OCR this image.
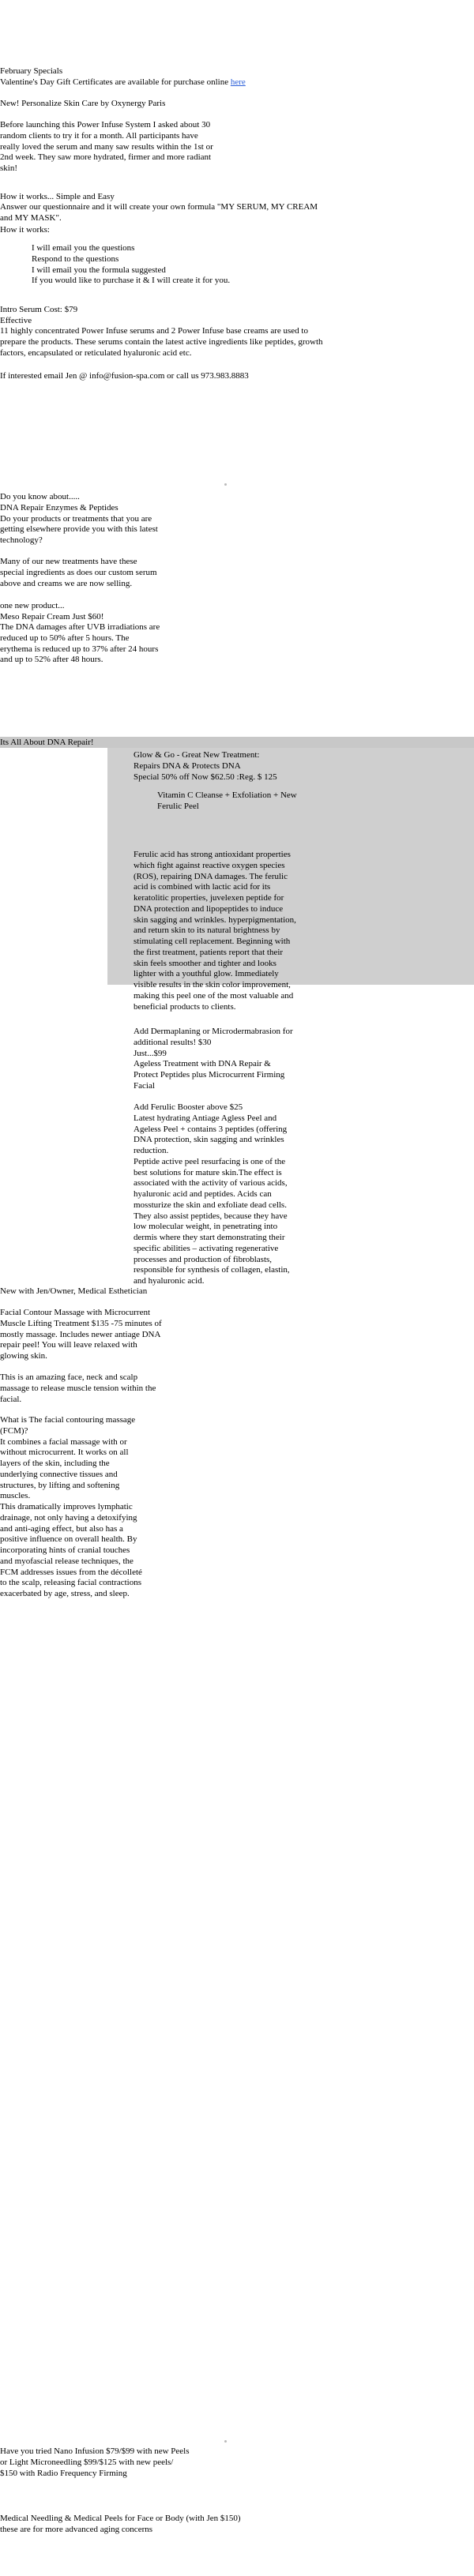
February Specials
Valentine's Day Gift Certificates are available for purchase online here
New! Personalize Skin Care by Oxynergy Paris
Before launching this Power Infuse System I asked about 30
random clients to try it for a month. All participants have
really loved the serum and many saw results within the 1st or
2nd week. They saw more hydrated, firmer and more radiant
skin!
How it works... Simple and Easy
Answer our questionnaire and it will create your own formula "MY SERUM, MY CREAM
and MY MASK".
How it works:
I will email you the questions
Respond to the questions
I will email you the formula suggested
If you would like to purchase it & I will create it for you.
Intro Serum Cost: $79
Effective
11 highly concentrated Power Infuse serums and 2 Power Infuse base creams are used to
prepare the products. These serums contain the latest active ingredients like peptides, growth
factors, encapsulated or reticulated hyaluronic acid etc.
If interested email Jen @ info@fusion-spa.com or call us 973.983.8883
Do you know about.....
DNA Repair Enzymes & Peptides
Do your products or treatments that you are
getting elsewhere provide you with this latest
technology?
Many of our new treatments have these
special ingredients as does our custom serum
above and creams we are now selling.
one new product...
Meso Repair Cream Just $60!
The DNA damages after UVB irradiations are
reduced up to 50% after 5 hours. The
erythema is reduced up to 37% after 24 hours
and up to 52% after 48 hours.
Its All About DNA Repair!
Glow & Go - Great New Treatment:
Repairs DNA & Protects DNA
Special 50% off Now $62.50 :Reg. $ 125
Vitamin C Cleanse + Exfoliation + New
Ferulic Peel
Ferulic acid has strong antioxidant properties
which fight against reactive oxygen species
(ROS), repairing DNA damages. The ferulic
acid is combined with lactic acid for its
keratolitic properties, juvelexen peptide for
DNA protection and lipopeptides to induce
skin sagging and wrinkles. hyperpigmentation,
and return skin to its natural brightness by
stimulating cell replacement. Beginning with
the first treatment, patients report that their
skin feels smoother and tighter and looks
lighter with a youthful glow. Immediately
visible results in the skin color improvement,
making this peel one of the most valuable and
beneficial products to clients.
Add Dermaplaning or Microdermabrasion for
additional results! $30
Just...$99
Ageless Treatment with DNA Repair &
Protect Peptides plus Microcurrent Firming
Facial
Add Ferulic Booster above $25
Latest hydrating Antiage Agless Peel and
Ageless Peel + contains 3 peptides (offering
DNA protection, skin sagging and wrinkles
reduction.
Peptide active peel resurfacing is one of the
best solutions for mature skin.The effect is
associated with the activity of various acids,
hyaluronic acid and peptides. Acids can
mossturize the skin and exfoliate dead cells.
They also assist peptides, because they have
low molecular weight, in penetrating into
dermis where they start demonstrating their
specific abilities – activating regenerative
processes and production of fibroblasts,
responsible for synthesis of collagen, elastin,
and hyaluronic acid.
New with Jen/Owner, Medical Esthetician
Facial Contour Massage with Microcurrent
Muscle Lifting Treatment $135 -75 minutes of
mostly massage. Includes newer antiage DNA
repair peel! You will leave relaxed with
glowing skin.
This is an amazing face, neck and scalp
massage to release muscle tension within the
facial.
What is The facial contouring massage
(FCM)?
It combines a facial massage with or
without microcurrent. It works on all
layers of the skin, including the
underlying connective tissues and
structures, by lifting and softening
muscles.
This dramatically improves lymphatic
drainage, not only having a detoxifying
and anti-aging effect, but also has a
positive influence on overall health. By
incorporating hints of cranial touches
and myofascial release techniques, the
FCM addresses issues from the décolleté
to the scalp, releasing facial contractions
exacerbated by age, stress, and sleep.
Have you tried Nano Infusion $79/$99 with new Peels
or Light Microneedling $99/$125 with new peels/
$150 with Radio Frequency Firming
Medical Needling & Medical Peels for Face or Body (with Jen $150)
these are for more advanced aging concerns
